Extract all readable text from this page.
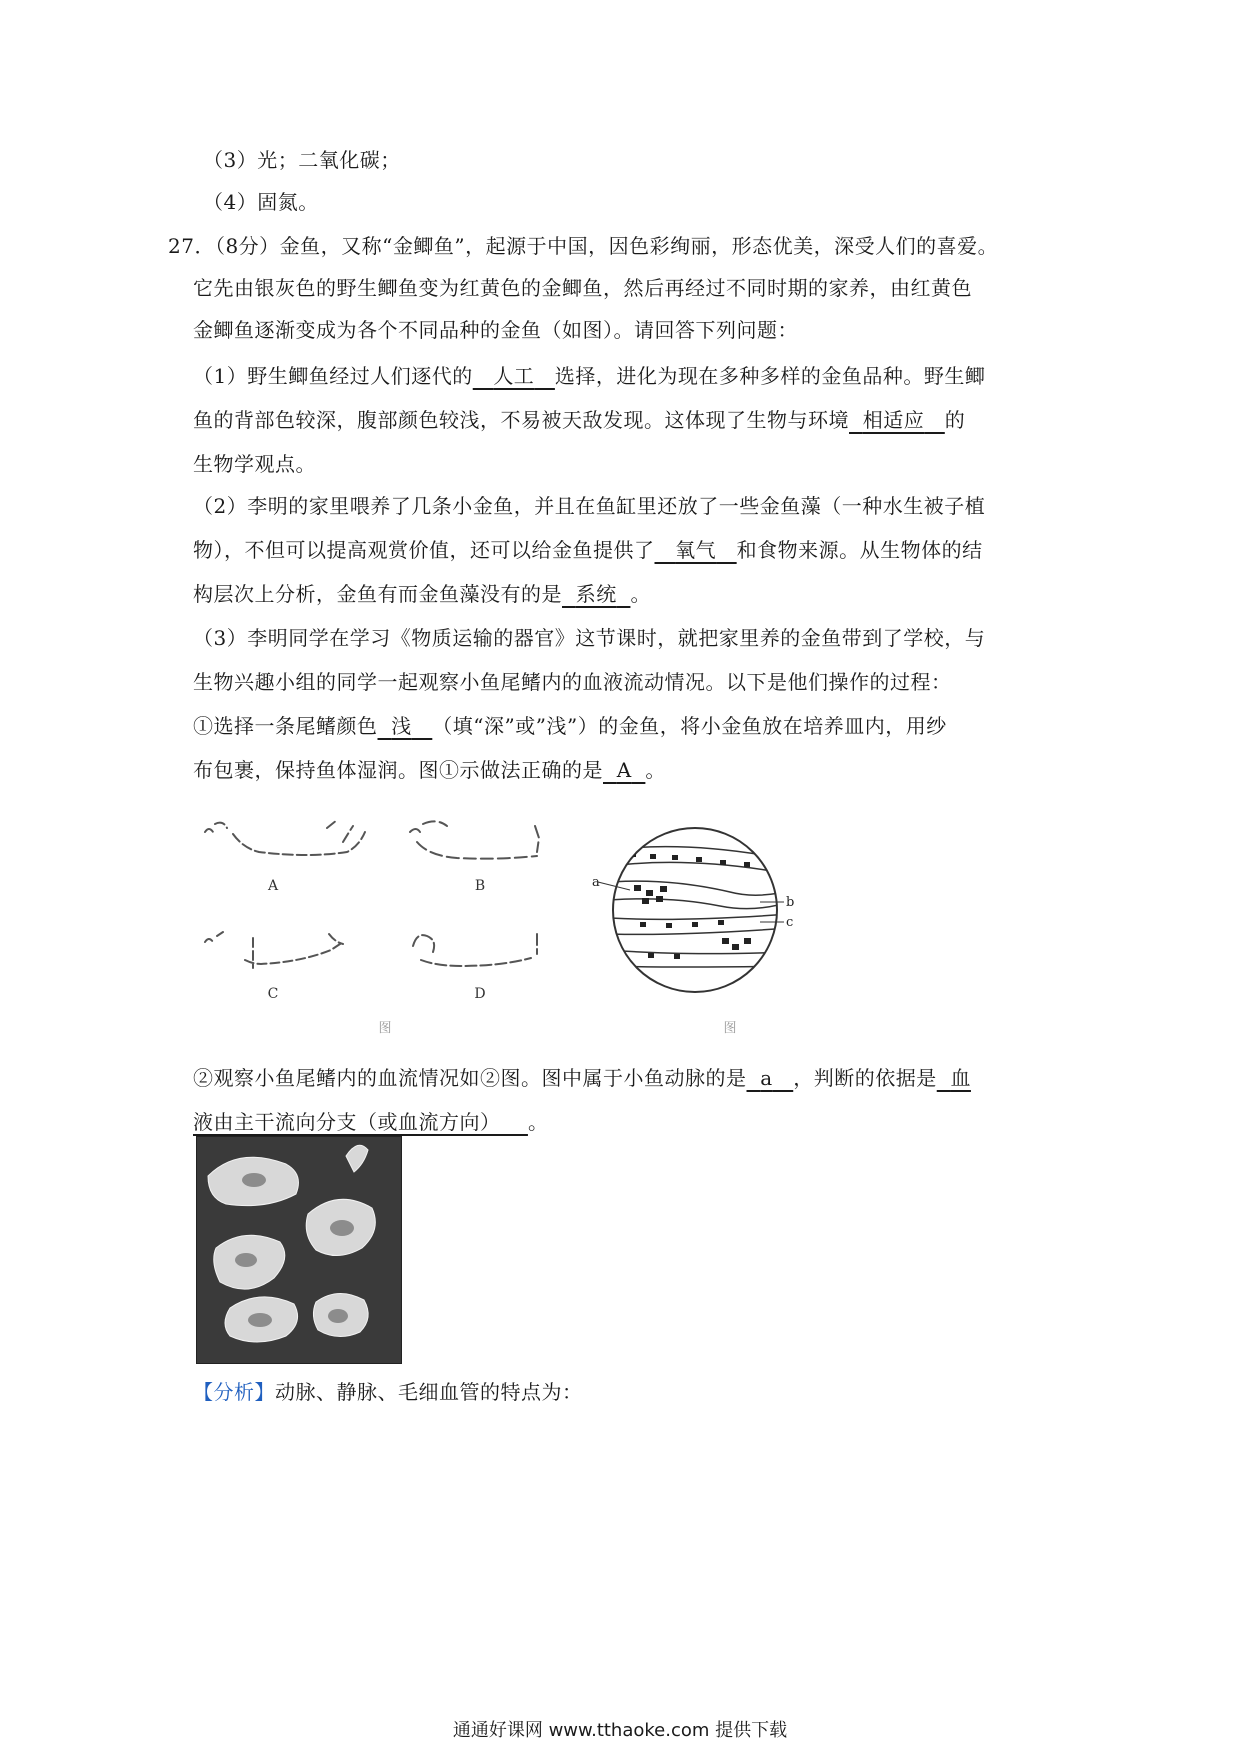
（3）光；二氧化碳；
（4）固氮。
27．（8分）金鱼，又称“金鲫鱼”，起源于中国，因色彩绚丽，形态优美，深受人们的喜爱。
它先由银灰色的野生鲫鱼变为红黄色的金鲫鱼，然后再经过不同时期的家养，由红黄色
金鲫鱼逐渐变成为各个不同品种的金鱼（如图）。请回答下列问题：
（1）野生鲫鱼经过人们逐代的 人工 选择，进化为现在多种多样的金鱼品种。野生鲫
鱼的背部色较深，腹部颜色较浅，不易被天敌发现。这体现了生物与环境 相适应 的
生物学观点。
（2）李明的家里喂养了几条小金鱼，并且在鱼缸里还放了一些金鱼藻（一种水生被子植
物），不但可以提高观赏价值，还可以给金鱼提供了 氧气 和食物来源。从生物体的结
构层次上分析，金鱼有而金鱼藻没有的是 系统 。
（3）李明同学在学习《物质运输的器官》这节课时，就把家里养的金鱼带到了学校，与
生物兴趣小组的同学一起观察小鱼尾鳍内的血液流动情况。以下是他们操作的过程：
①选择一条尾鳍颜色 浅 （填“深”或”浅”）的金鱼，将小金鱼放在培养皿内，用纱
布包裹，保持鱼体湿润。图①示做法正确的是 A 。
A	B
C	D
图
a
b
c
图
②观察小鱼尾鳍内的血流情况如②图。图中属于小鱼动脉的是 a ，判断的依据是 血
液由主干流向分支（或血流方向） 。
【分析】动脉、静脉、毛细血管的特点为：
通通好课网 www.tthaoke.com 提供下载
